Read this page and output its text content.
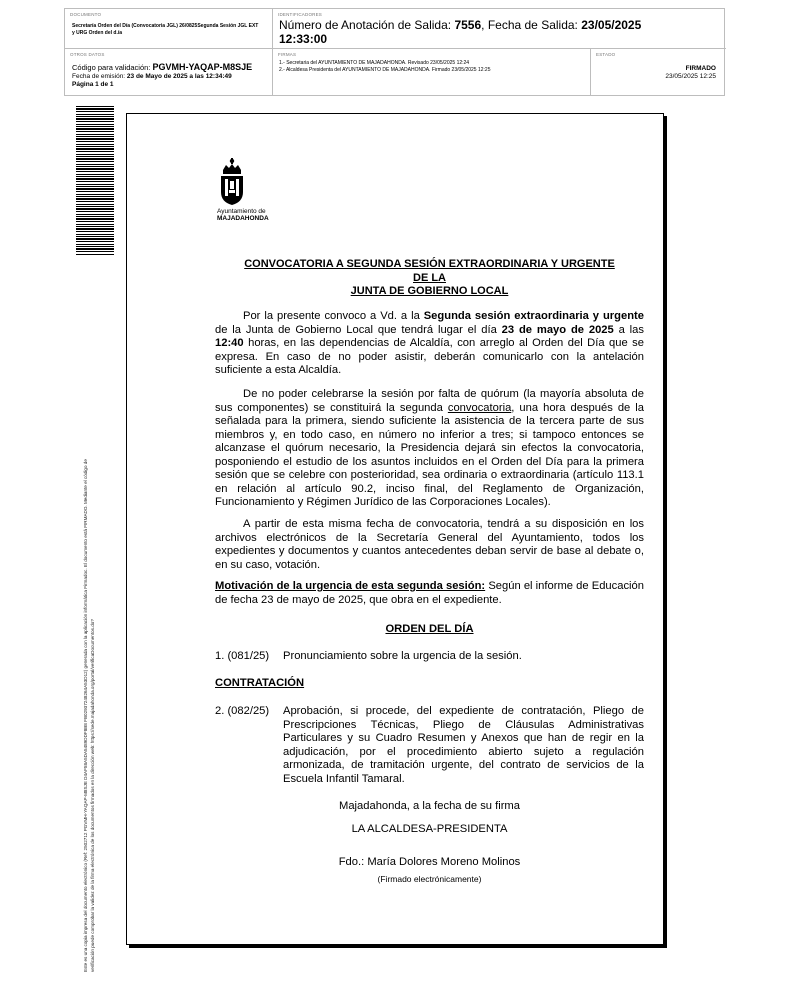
DOCUMENTO
Secretaría Orden del Día (Convocatoria JGL) 26/0825Segunda Sesión JGL EXT y URG Orden del d.ía
IDENTIFICADORES
Número de Anotación de Salida: 7556, Fecha de Salida: 23/05/2025
12:33:00
OTROS DATOS
Código para validación: PGVMH-YAQAP-M8SJE
Fecha de emisión: 23 de Mayo de 2025 a las 12:34:49
Página 1 de 1
FIRMAS
1.- Secretaria del AYUNTAMIENTO DE MAJADAHONDA. Revisado 23/05/2025 12:24
2.- Alcaldesa Presidenta del AYUNTAMIENTO DE MAJADAHONDA. Firmado 23/05/2025 12:25
ESTADO
FIRMADO
23/05/2025 12:25
Este es una copia impresa del documento electrónico (Ref: 2502712 PGVMH-YAQAP-M8SJE D4AF58A5DA5489DDF8B8 FB02937248264A53D12) generada con la aplicación informática Firmadoc. El documento está FIRMADO. Mediante el código de verificación puede comprobar la validez de la firma electrónica de los documentos firmados en la dirección web: https://sede.majadahonda.org/portal/verificaDocumentos.do?
Ayuntamiento de
MAJADAHONDA
CONVOCATORIA A SEGUNDA SESIÓN EXTRAORDINARIA Y URGENTE
DE LA
JUNTA DE GOBIERNO LOCAL
Por la presente convoco a Vd. a la Segunda sesión extraordinaria y urgente de la Junta de Gobierno Local que tendrá lugar el día 23 de mayo de 2025 a las 12:40 horas, en las dependencias de Alcaldía, con arreglo al Orden del Día que se expresa. En caso de no poder asistir, deberán comunicarlo con la antelación suficiente a esta Alcaldía.
De no poder celebrarse la sesión por falta de quórum (la mayoría absoluta de sus componentes) se constituirá la segunda convocatoria, una hora después de la señalada para la primera, siendo suficiente la asistencia de la tercera parte de sus miembros y, en todo caso, en número no inferior a tres; si tampoco entonces se alcanzase el quórum necesario, la Presidencia dejará sin efectos la convocatoria, posponiendo el estudio de los asuntos incluidos en el Orden del Día para la primera sesión que se celebre con posterioridad, sea ordinaria o extraordinaria (artículo 113.1 en relación al artículo 90.2, inciso final, del Reglamento de Organización, Funcionamiento y Régimen Jurídico de las Corporaciones Locales).
A partir de esta misma fecha de convocatoria, tendrá a su disposición en los archivos electrónicos de la Secretaría General del Ayuntamiento, todos los expedientes y documentos y cuantos antecedentes deban servir de base al debate o, en su caso, votación.
Motivación de la urgencia de esta segunda sesión: Según el informe de Educación de fecha 23 de mayo de 2025, que obra en el expediente.
ORDEN DEL DÍA
1. (081/25)	Pronunciamiento sobre la urgencia de la sesión.
CONTRATACIÓN
2. (082/25)	Aprobación, si procede, del expediente de contratación, Pliego de Prescripciones Técnicas, Pliego de Cláusulas Administrativas Particulares y su Cuadro Resumen y Anexos que han de regir en la adjudicación, por el procedimiento abierto sujeto a regulación armonizada, de tramitación urgente, del contrato de servicios de la Escuela Infantil Tamaral.
Majadahonda, a la fecha de su firma
LA ALCALDESA-PRESIDENTA
Fdo.: María Dolores Moreno Molinos
(Firmado electrónicamente)
